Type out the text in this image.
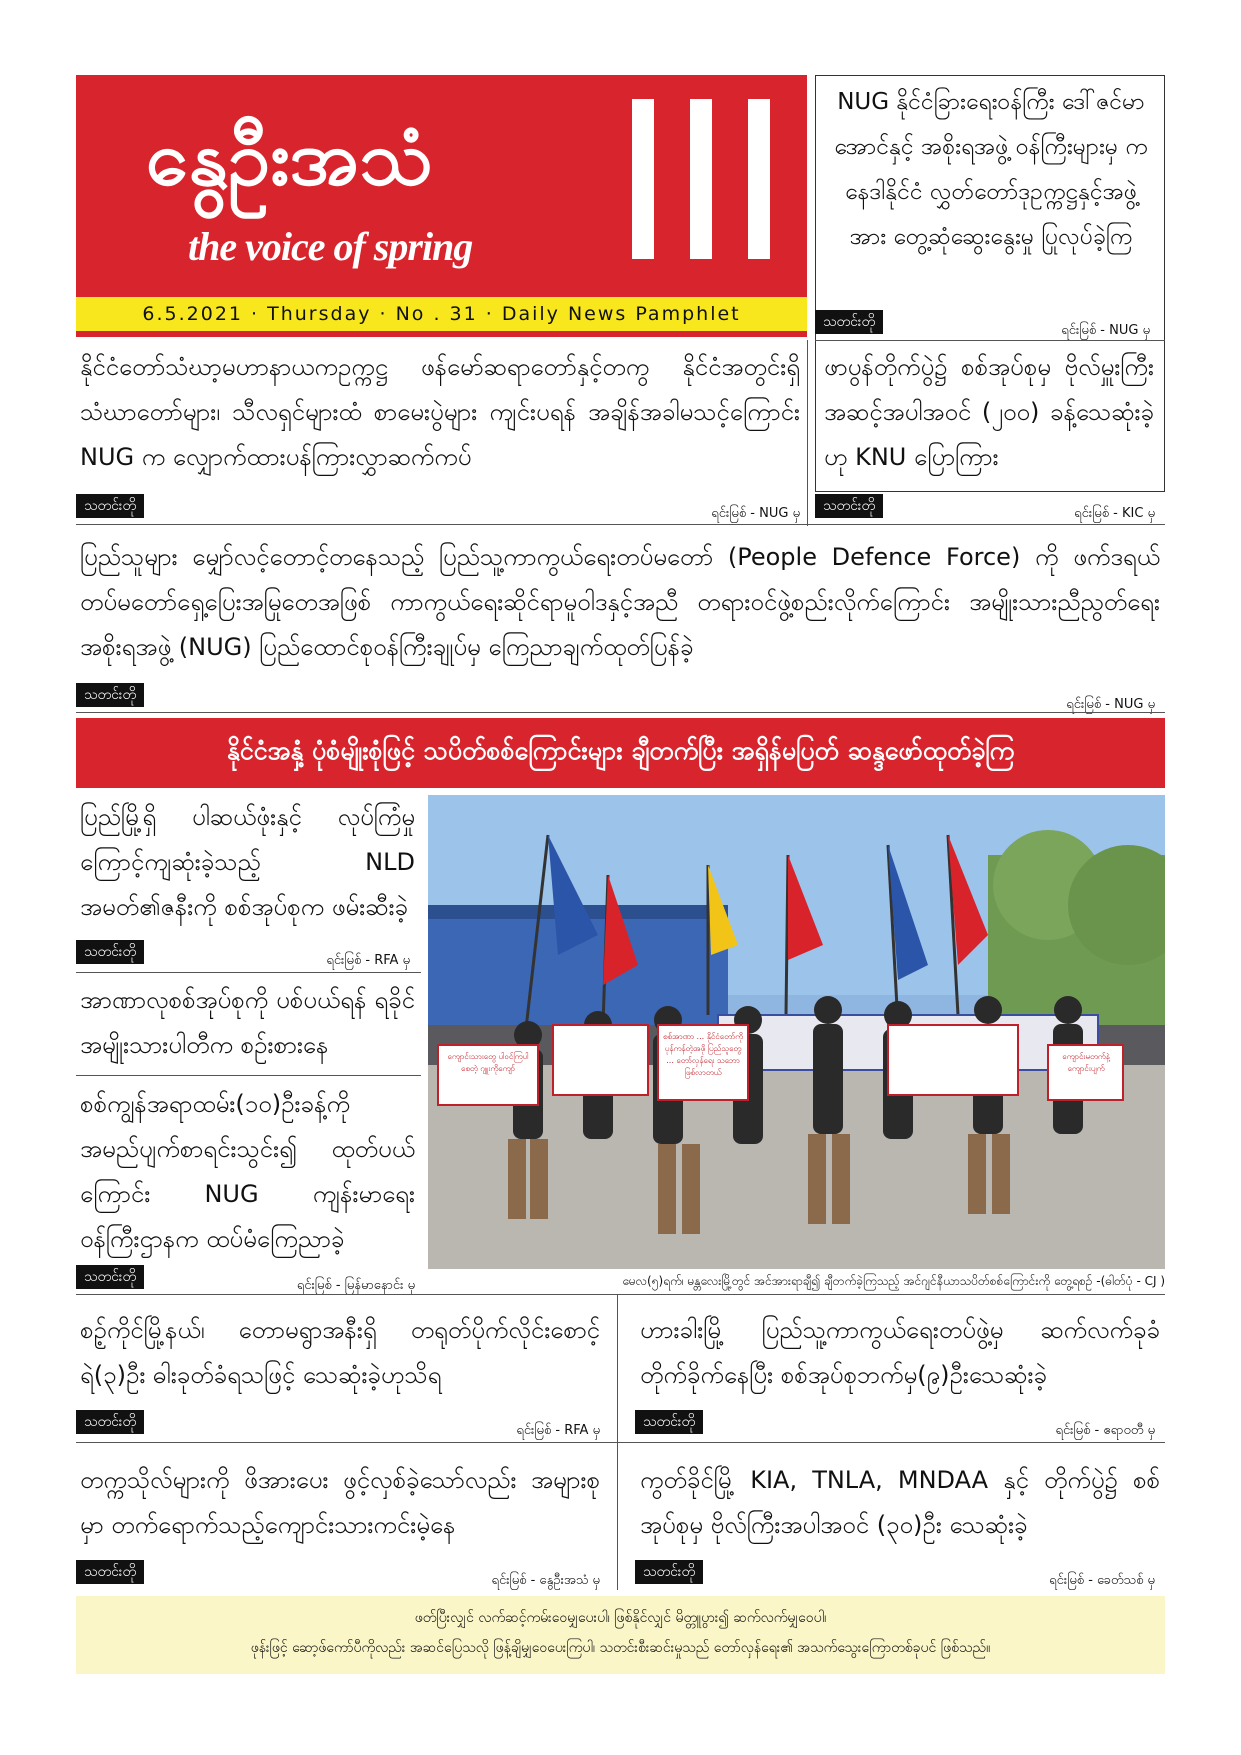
နွေဦးအသံ
the voice of spring
6.5.2021 · Thursday · No . 31 · Daily News Pamphlet
NUG နိုင်ငံခြားရေးဝန်ကြီး ဒေါ်ဇင်မာအောင်နှင့် အစိုးရအဖွဲ့ ဝန်ကြီးများမှ ကနေဒါနိုင်ငံ လွှတ်တော်ဒုဥက္ကဋ္ဌနှင့်အဖွဲ့အား တွေ့ဆုံဆွေးနွေးမှု ပြုလုပ်ခဲ့ကြ
သတင်းတို
ရင်းမြစ် - NUG မှ
နိုင်ငံတော်သံဃာ့မဟာနာယကဥက္ကဋ္ဌ ဖန်မော်ဆရာတော်နှင့်တကွ နိုင်ငံအတွင်းရှိ သံဃာတော်များ၊ သီလရှင်များထံ စာမေးပွဲများ ကျင်းပရန် အချိန်အခါမသင့်ကြောင်း NUG က လျှောက်ထားပန်ကြားလွှာဆက်ကပ်
သတင်းတို	ရင်းမြစ် - NUG မှ
ဖာပွန်တိုက်ပွဲ၌ စစ်အုပ်စုမှ ဗိုလ်မှူးကြီးအဆင့်အပါအဝင် (၂၀၀) ခန့်သေဆုံးခဲ့ဟု KNU ပြောကြား
သတင်းတို	ရင်းမြစ် - KIC မှ
ပြည်သူများ မျှော်လင့်တောင့်တနေသည့် ပြည်သူ့ကာကွယ်ရေးတပ်မတော် (People Defence Force) ကို ဖက်ဒရယ်တပ်မတော်ရှေ့ပြေးအမြုတေအဖြစ် ကာကွယ်ရေးဆိုင်ရာမူဝါဒနှင့်အညီ တရားဝင်ဖွဲ့စည်းလိုက်ကြောင်း အမျိုးသားညီညွတ်ရေးအစိုးရအဖွဲ့ (NUG) ပြည်ထောင်စုဝန်ကြီးချုပ်မှ ကြေညာချက်ထုတ်ပြန်ခဲ့
သတင်းတို
ရင်းမြစ် - NUG မှ
နိုင်ငံအနှံ့ ပုံစံမျိုးစုံဖြင့် သပိတ်စစ်ကြောင်းများ ချီတက်ပြီး အရှိန်မပြတ် ဆန္ဒဖော်ထုတ်ခဲ့ကြ
ပြည်မြို့ရှိ ပါဆယ်ဖုံးနှင့် လုပ်ကြံမှုကြောင့်ကျဆုံးခဲ့သည့် NLD အမတ်၏ဇနီးကို စစ်အုပ်စုက ဖမ်းဆီးခဲ့
သတင်းတို
ရင်းမြစ် - RFA မှ
အာဏာလုစစ်အုပ်စုကို ပစ်ပယ်ရန် ရခိုင်အမျိုးသားပါတီက စဉ်းစားနေ
စစ်ကျွန်အရာထမ်း(၁၀)ဦးခန့်ကို အမည်ပျက်စာရင်းသွင်း၍ ထုတ်ပယ်ကြောင်း NUG ကျန်းမာရေးဝန်ကြီးဌာနက ထပ်မံကြေညာခဲ့
သတင်းတို
ရင်းမြစ် - မြန်မာနောင်း မှ
ကျောင်းသားတွေ ပါဝင်ကြပါ စေတဲ့ ဂျူးကိုကျော်
စစ်အာဏာ ... နိုင်ငံတော်ကို ပုန်ကန်တဲ့အဖို ပြည်သူတွေ ... တော်လှန်ရေး သဘောဖြစ်လာတယ်
ကျောင်းမတက်နဲ့ ကျောင်းပျက်
မေလ(၅)ရက်၊ မန္တလေးမြို့တွင် အင်အားရာချီ၍ ချီတက်ခဲ့ကြသည့် အင်ဂျင်နီယာသပိတ်စစ်ကြောင်းကို တွေ့ရစဉ် -(ဓါတ်ပုံ - CJ )
စဉ့်ကိုင်မြို့နယ်၊ တောမရွာအနီးရှိ တရုတ်ပိုက်လိုင်းစောင့် ရဲ(၃)ဦး ဓါးခုတ်ခံရသဖြင့် သေဆုံးခဲ့ဟုသိရ
သတင်းတို
ရင်းမြစ် - RFA မှ
ဟားခါးမြို့ ပြည်သူ့ကာကွယ်ရေးတပ်ဖွဲ့မှ ဆက်လက်ခုခံတိုက်ခိုက်နေပြီး စစ်အုပ်စုဘက်မှ(၉)ဦးသေဆုံးခဲ့
သတင်းတို
ရင်းမြစ် - ဧရာဝတီ မှ
တက္ကသိုလ်များကို ဖိအားပေး ဖွင့်လှစ်ခဲ့သော်လည်း အများစုမှာ တက်ရောက်သည့်ကျောင်းသားကင်းမဲ့နေ
သတင်းတို
ရင်းမြစ် - နွေဦးအသံ မှ
ကွတ်ခိုင်မြို့ KIA, TNLA, MNDAA နှင့် တိုက်ပွဲ၌ စစ်အုပ်စုမှ ဗိုလ်ကြီးအပါအဝင် (၃၀)ဦး သေဆုံးခဲ့
သတင်းတို
ရင်းမြစ် - ခေတ်သစ် မှ
ဖတ်ပြီးလျှင် လက်ဆင့်ကမ်းဝေမျှပေးပါ၊ ဖြစ်နိုင်လျှင် မိတ္တူပွား၍ ဆက်လက်မျှဝေပါ၊
ဖုန်းဖြင့် ဆော့ဖ်ကော်ပီကိုလည်း အဆင်ပြေသလို ဖြန့်ချိမျှဝေပေးကြပါ၊ သတင်းစီးဆင်းမှုသည် တော်လှန်ရေး၏ အသက်သွေးကြောတစ်ခုပင် ဖြစ်သည်။
